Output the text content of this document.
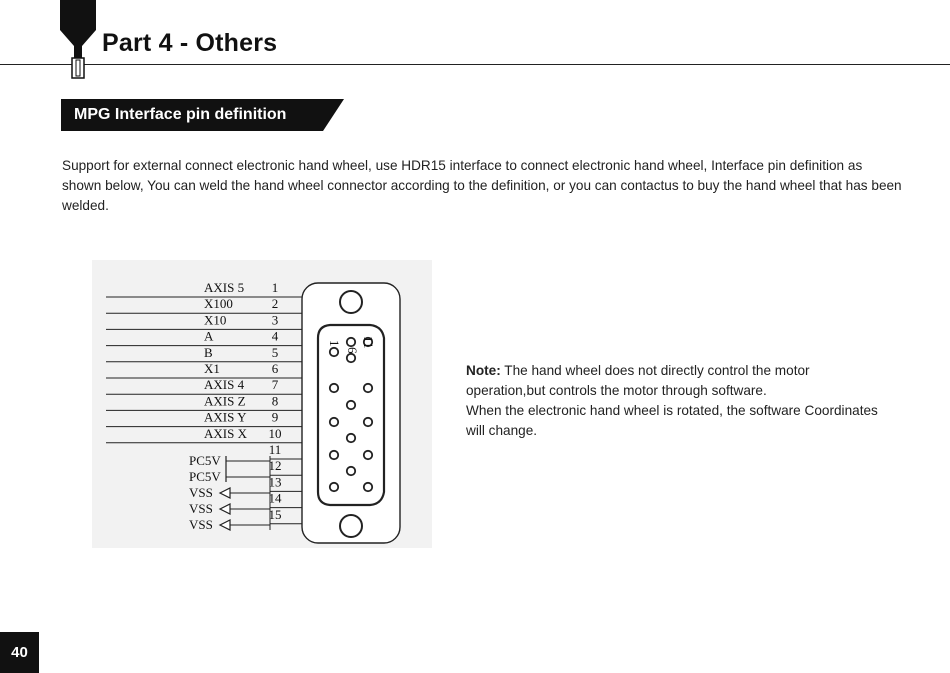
Part 4 - Others
MPG Interface pin definition
Support for external connect electronic hand wheel, use HDR15 interface to connect electronic hand wheel, Interface pin definition as shown below, You can weld the hand wheel connector according to the definition, or you can contactus to buy the hand wheel that has been welded.
1
6
11
1
AXIS 5
2
X100
3
X10
4
A
5
B
6
X1
7
AXIS 4
8
AXIS Z
9
AXIS Y
10
AXIS X
11
12
13
14
15
PC5V
PC5V
VSS
VSS
VSS
Note: The hand wheel does not directly control the motor operation,but controls the motor through software.
When the electronic hand wheel is rotated, the software Coordinates will change.
40
